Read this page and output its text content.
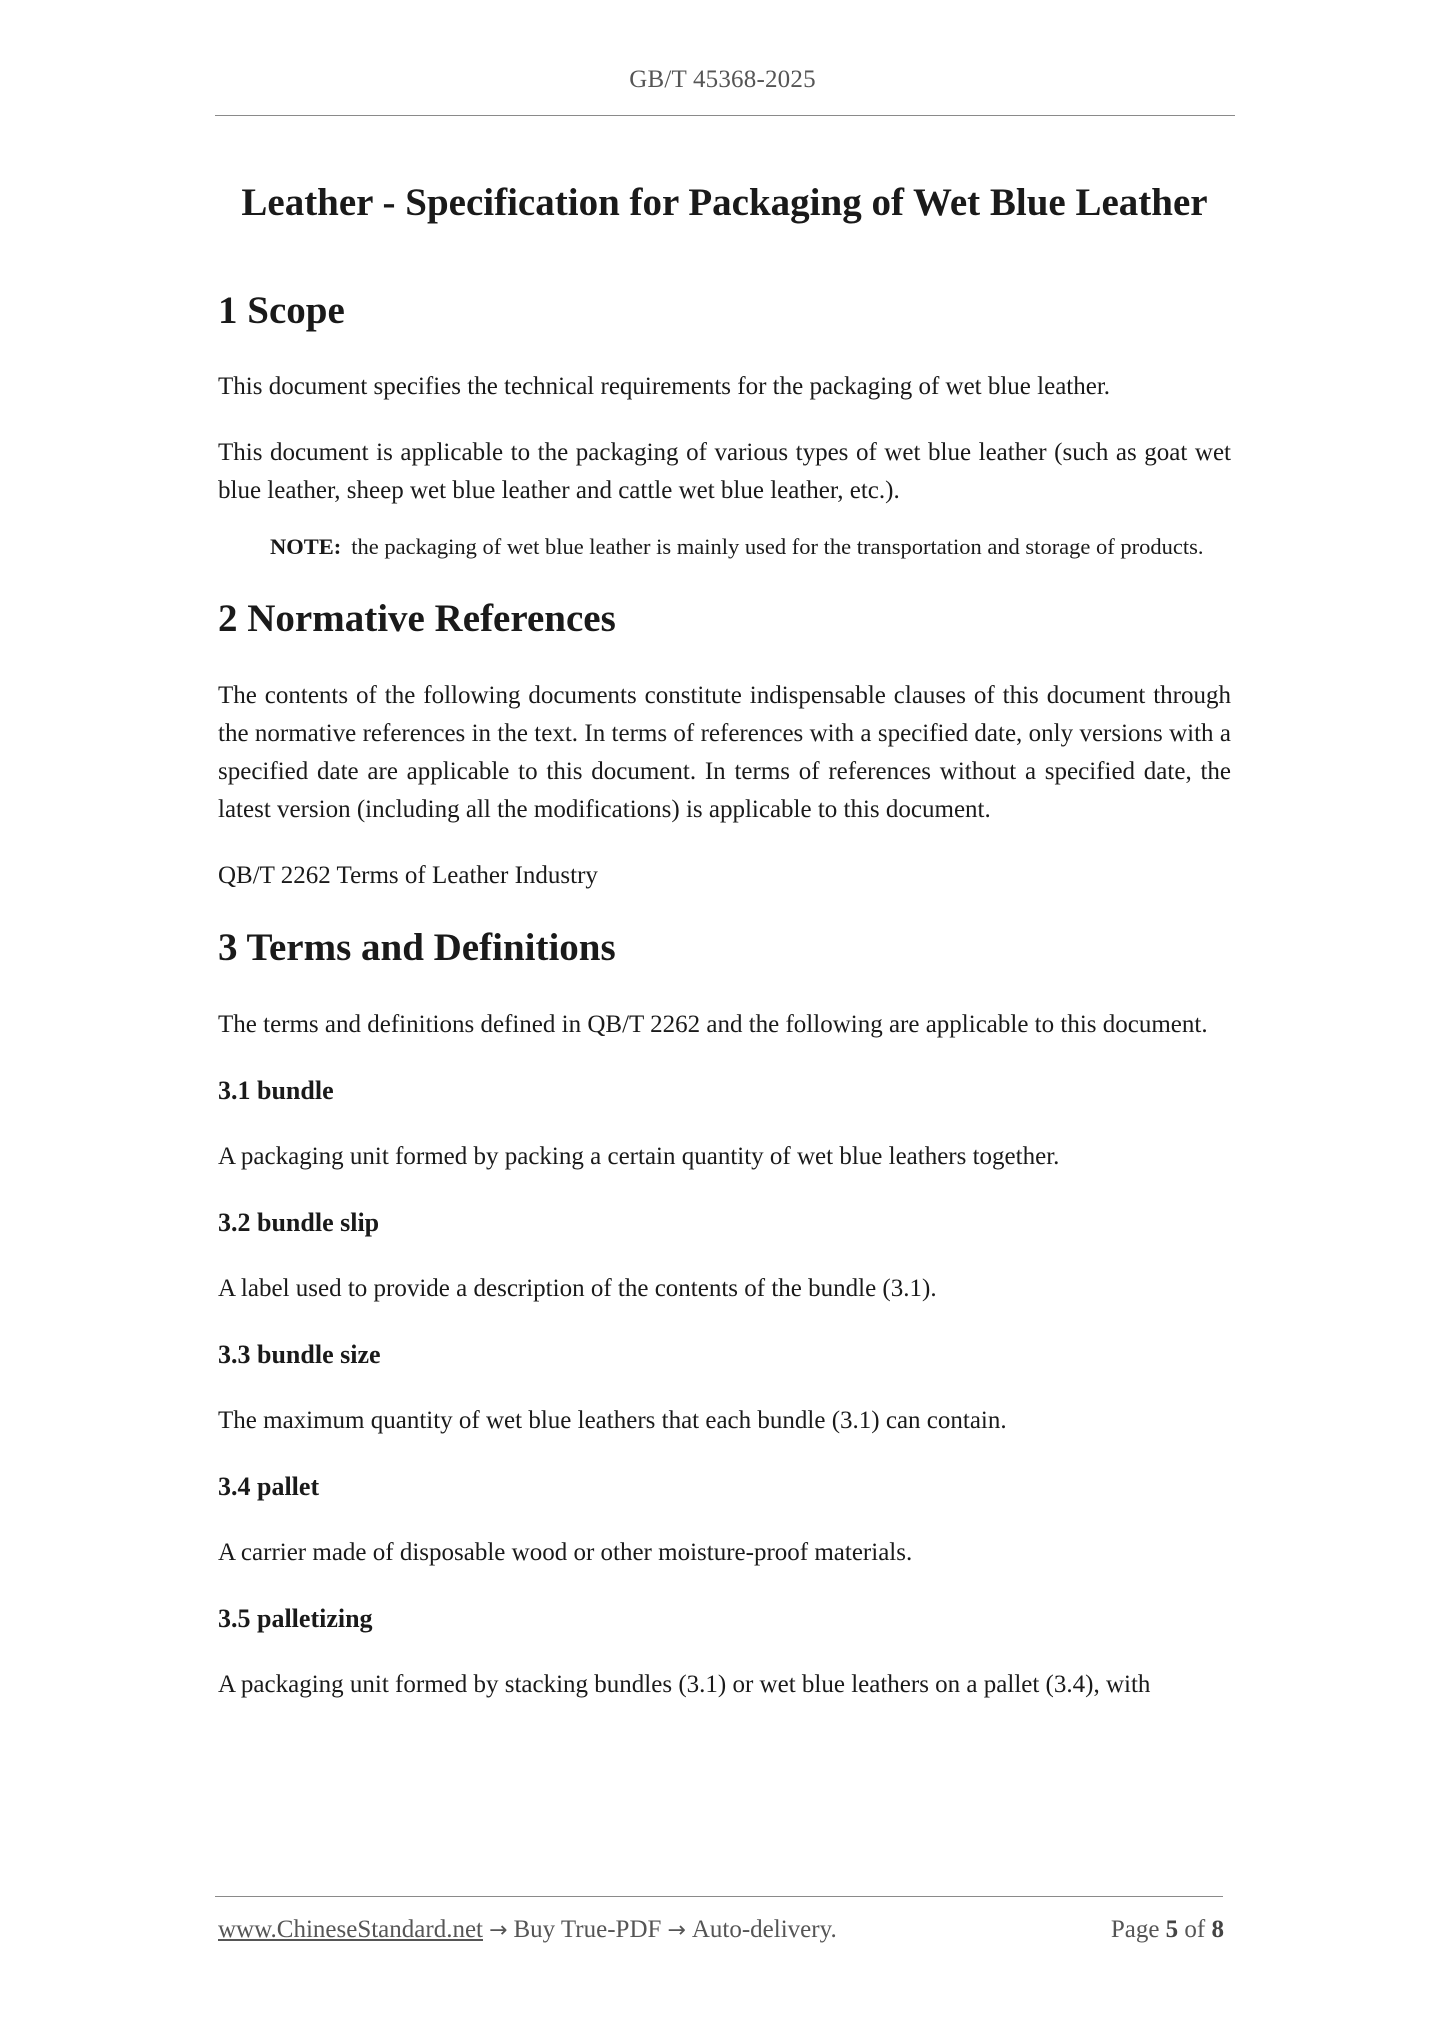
GB/T 45368-2025
Leather - Specification for Packaging of Wet Blue Leather
1 Scope

This document specifies the technical requirements for the packaging of wet blue leather.

This document is applicable to the packaging of various types of wet blue leather (such as goat wet blue leather, sheep wet blue leather and cattle wet blue leather, etc.).

NOTE: the packaging of wet blue leather is mainly used for the transportation and storage of products.
2 Normative References

The contents of the following documents constitute indispensable clauses of this document through the normative references in the text. In terms of references with a specified date, only versions with a specified date are applicable to this document. In terms of references without a specified date, the latest version (including all the modifications) is applicable to this document.

QB/T 2262 Terms of Leather Industry

3 Terms and Definitions

The terms and definitions defined in QB/T 2262 and the following are applicable to this document.

3.1 bundle

A packaging unit formed by packing a certain quantity of wet blue leathers together.

3.2 bundle slip

A label used to provide a description of the contents of the bundle (3.1).

3.3 bundle size

The maximum quantity of wet blue leathers that each bundle (3.1) can contain.

3.4 pallet

A carrier made of disposable wood or other moisture-proof materials.

3.5 palletizing

A packaging unit formed by stacking bundles (3.1) or wet blue leathers on a pallet (3.4), with

www.ChineseStandard.net → Buy True-PDF → Auto-delivery.	Page 5 of 8
